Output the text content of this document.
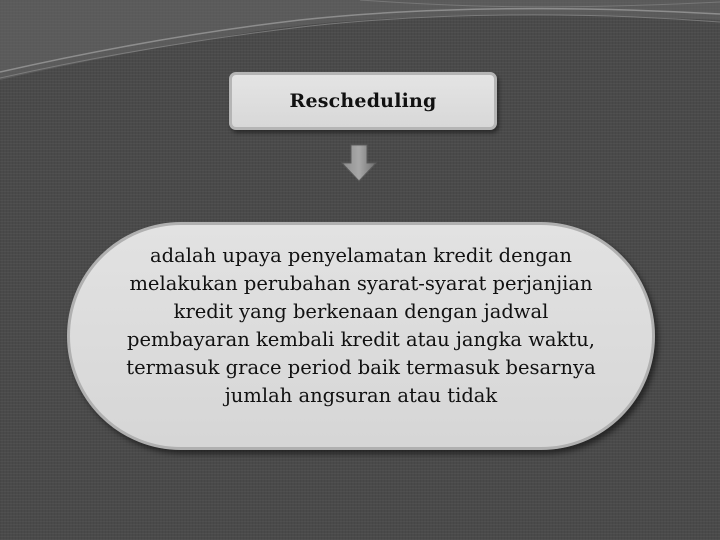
Rescheduling
adalah upaya penyelamatan kredit dengan melakukan perubahan syarat-syarat perjanjian kredit yang berkenaan dengan jadwal pembayaran kembali kredit atau jangka waktu, termasuk grace period baik termasuk besarnya jumlah angsuran atau tidak
